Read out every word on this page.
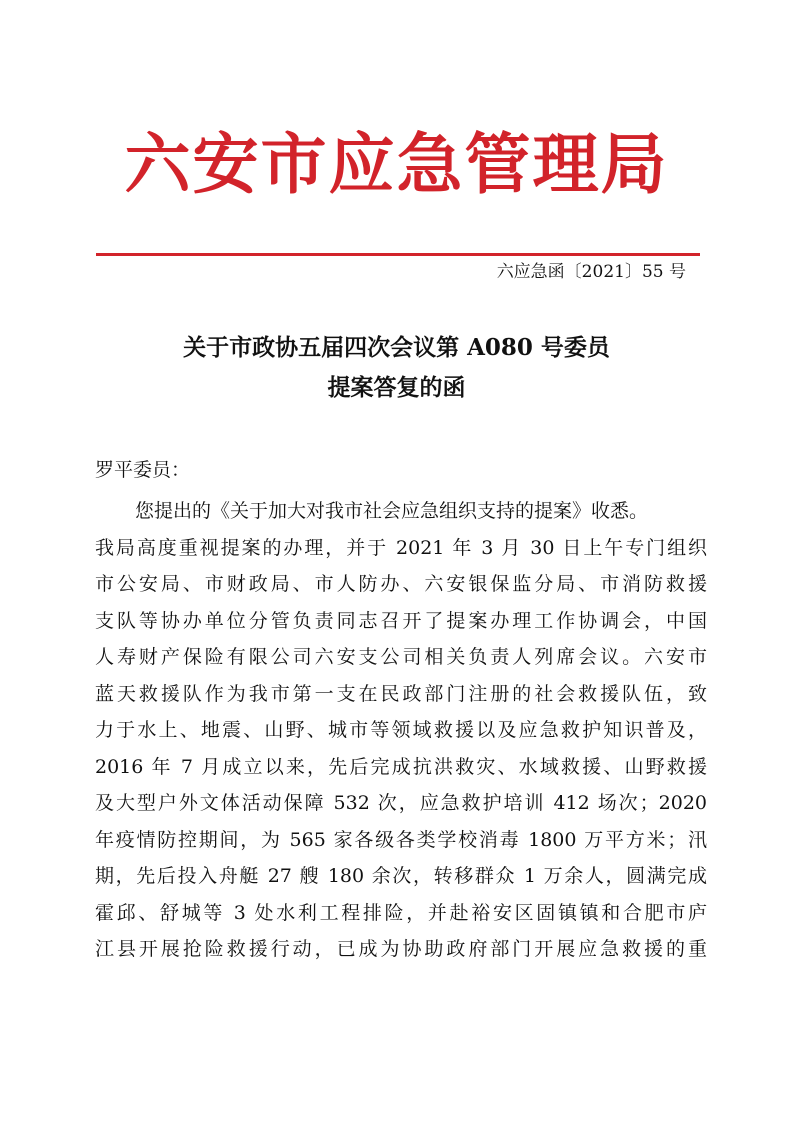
六安市应急管理局
六应急函〔2021〕55 号
关于市政协五届四次会议第 A080 号委员
提案答复的函
罗平委员：
您提出的《关于加大对我市社会应急组织支持的提案》收悉。
我局高度重视提案的办理，并于 2021 年 3 月 30 日上午专门组织
市公安局、市财政局、市人防办、六安银保监分局、市消防救援
支队等协办单位分管负责同志召开了提案办理工作协调会，中国
人寿财产保险有限公司六安支公司相关负责人列席会议。六安市
蓝天救援队作为我市第一支在民政部门注册的社会救援队伍，致
力于水上、地震、山野、城市等领域救援以及应急救护知识普及，
2016 年 7 月成立以来，先后完成抗洪救灾、水域救援、山野救援
及大型户外文体活动保障 532 次，应急救护培训 412 场次；2020
年疫情防控期间，为 565 家各级各类学校消毒 1800 万平方米；汛
期，先后投入舟艇 27 艘 180 余次，转移群众 1 万余人，圆满完成
霍邱、舒城等 3 处水利工程排险，并赴裕安区固镇镇和合肥市庐
江县开展抢险救援行动，已成为协助政府部门开展应急救援的重
